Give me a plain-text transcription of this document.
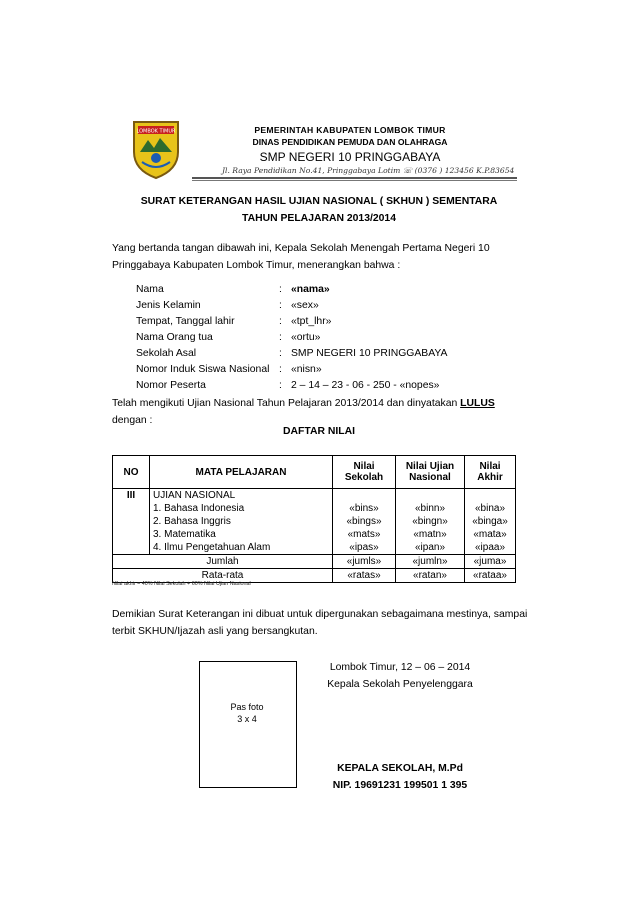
LOMBOK TIMUR	PEMERINTAH KABUPATEN LOMBOK TIMUR
DINAS PENDIDIKAN PEMUDA DAN OLAHRAGA
SMP NEGERI 10 PRINGGABAYA
Jl. Raya Pendidikan No.41, Pringgabaya Lotim ☏ (0376 ) 123456 K.P.83654
SURAT KETERANGAN HASIL UJIAN NASIONAL ( SKHUN ) SEMENTARA
TAHUN PELAJARAN 2013/2014
Yang bertanda tangan dibawah ini, Kepala Sekolah Menengah Pertama Negeri 10 Pringgabaya Kabupaten Lombok Timur, menerangkan bahwa :
Nama	: «nama»
Jenis Kelamin	: «sex»
Tempat, Tanggal lahir	: «tpt_lhr»
Nama Orang tua	: «ortu»
Sekolah Asal	: SMP NEGERI 10 PRINGGABAYA
Nomor Induk Siswa Nasional : «nisn»
Nomor Peserta	: 2 – 14 – 23 - 06 - 250 - «nopes»
Telah mengikuti Ujian Nasional Tahun Pelajaran 2013/2014 dan dinyatakan LULUS
dengan :
DAFTAR NILAI
NO	MATA PELAJARAN	Nilai Sekolah	Nilai Ujian Nasional	Nilai Akhir
III	UJIAN NASIONAL			
	1. Bahasa Indonesia	«bins»	«binn»	«bina»
	2. Bahasa Inggris	«bings»	«bingn»	«binga»
	3. Matematika	«mats»	«matn»	«mata»
	4. Ilmu Pengetahuan Alam	«ipas»	«ipan»	«ipaa»
Jumlah		«jumls»	«jumln»	«juma»
Rata-rata		«ratas»	«ratan»	«rataa»
Nilai akhir = 40% Nilai Sekolah + 60% Nilai Ujian Nasional
Demikian Surat Keterangan ini dibuat untuk dipergunakan sebagaimana mestinya, sampai terbit SKHUN/Ijazah asli yang bersangkutan.
Pas foto
3 x 4
Lombok Timur, 12 – 06 – 2014
Kepala Sekolah Penyelenggara
KEPALA SEKOLAH, M.Pd
NIP. 19691231 199501 1 395
